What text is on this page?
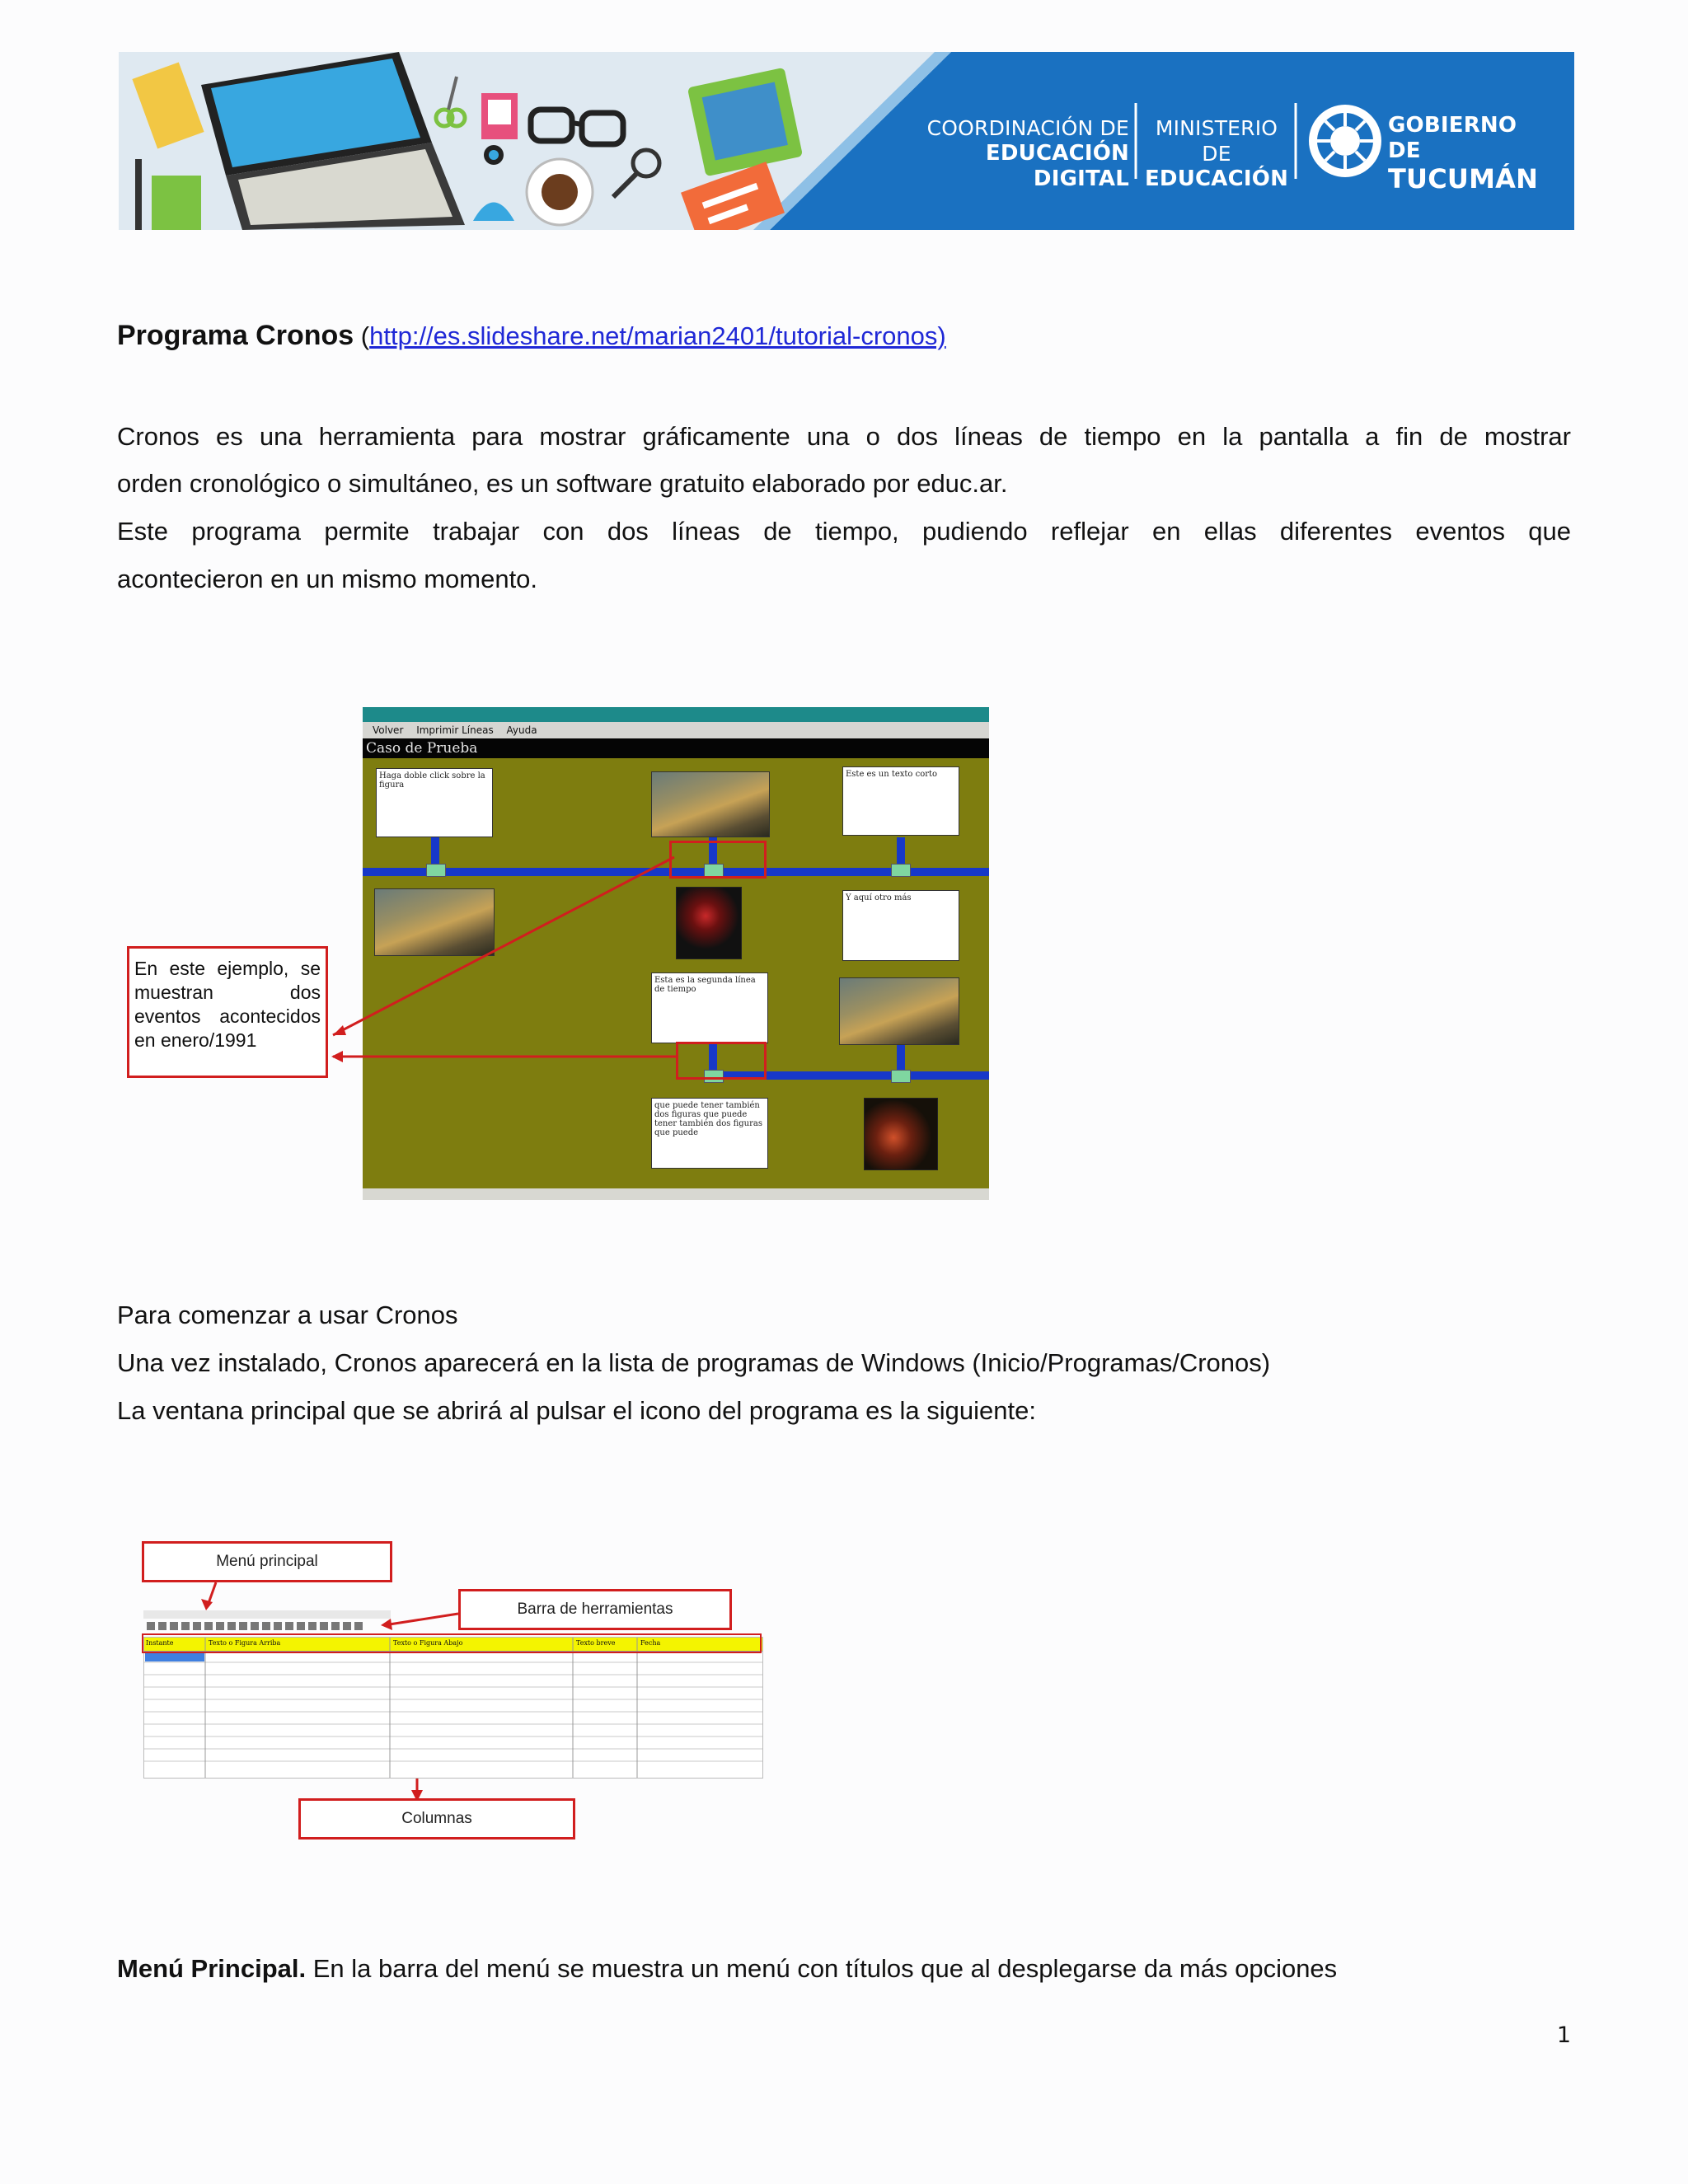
COORDINACIÓN DE
EDUCACIÓN DIGITAL
MINISTERIO DE
EDUCACIÓN
GOBIERNO DE
TUCUMÁN
Programa Cronos (http://es.slideshare.net/marian2401/tutorial-cronos)
Cronos es una herramienta para mostrar gráficamente una o dos líneas de tiempo en la pantalla a fin de mostrar
orden cronológico o simultáneo, es un software gratuito elaborado por educ.ar.
Este programa permite trabajar con dos líneas de tiempo, pudiendo reflejar en ellas diferentes eventos que
acontecieron en un mismo momento.
Volver Imprimir Líneas Ayuda
Caso de Prueba

Haga doble click sobre la figura
Este es un texto corto
Y aquí otro más
Esta es la segunda línea de tiempo
que puede tener también dos figuras que puede tener también dos figuras que puede
En este ejemplo, se muestran dos eventos acontecidos en enero/1991
Para comenzar a usar Cronos
Una vez instalado, Cronos aparecerá en la lista de programas de Windows (Inicio/Programas/Cronos)
La ventana principal que se abrirá al pulsar el icono del programa es la siguiente:
Menú principal
Barra de herramientas
Instante	Texto o Figura Arriba	Texto o Figura Abajo	Texto breve	Fecha
Columnas
Menú Principal. En la barra del menú se muestra un menú con títulos que al desplegarse da más opciones
1
